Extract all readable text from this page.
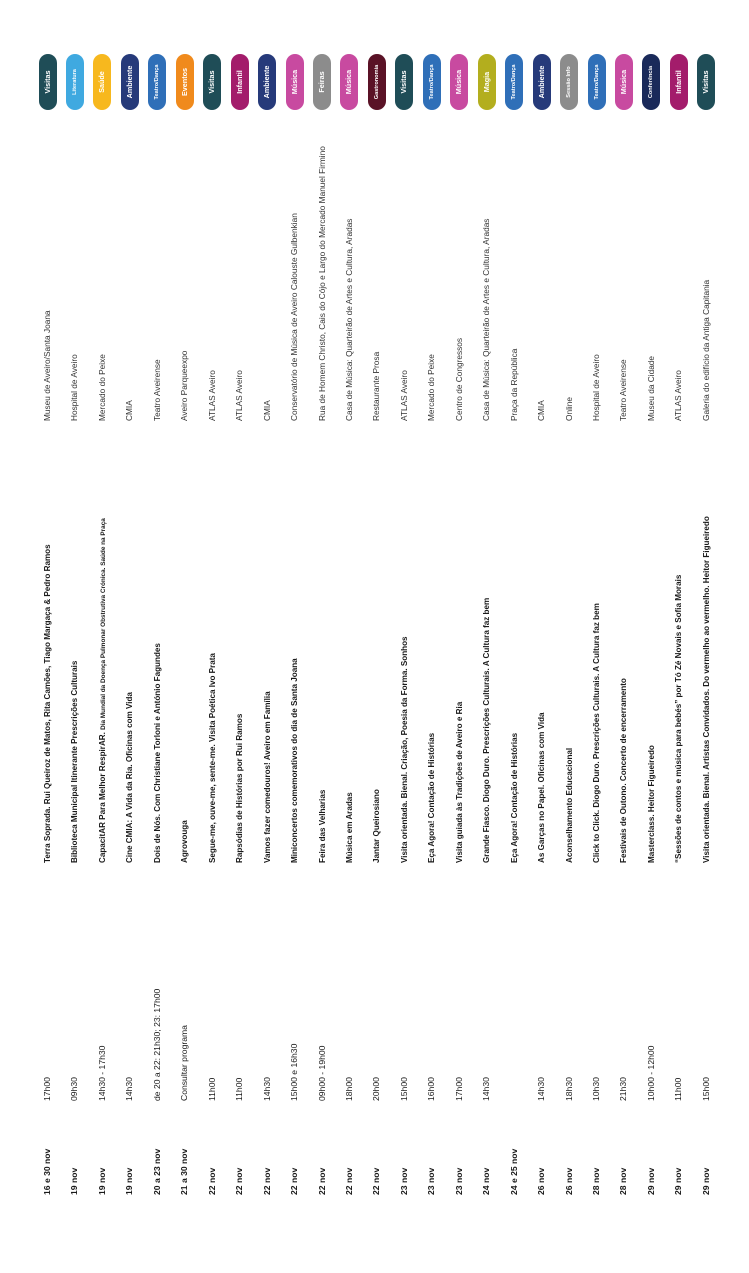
16 e 30 nov
17h00
Terra Soprada. Rui Queiroz de Matos, Rita Camões, Tiago Margaça & Pedro Ramos
Museu de Aveiro/Santa Joana
Visitas
19 nov
09h30
Biblioteca Municipal Itinerante Prescrições Culturais
Hospital de Aveiro
Literatura
19 nov
14h30 - 17h30
CapacitAR Para Melhor RespirAR. Dia Mundial da Doença Pulmonar Obstrutiva Crónica. Saúde na Praça
Mercado do Peixe
Saúde
19 nov
14h30
Cine CMIA: A Vida da Ria. Oficinas com Vida
CMIA
Ambiente
20 a 23 nov
de 20 a 22: 21h30; 23: 17h00
Dois de Nós. Com Christiane Torloni e António Fagundes
Teatro Aveirense
Teatro/Dança
21 a 30 nov
Consultar programa
Agrovouga
Aveiro Parqueexpo
Eventos
22 nov
11h00
Segue-me, ouve-me, sente-me. Visita Poética Ivo Prata
ATLAS Aveiro
Visitas
22 nov
11h00
Rapsódias de Histórias por Rui Ramos
ATLAS Aveiro
Infantil
22 nov
14h30
Vamos fazer comedouros! Aveiro em Família
CMIA
Ambiente
22 nov
15h00 e 16h30
Miniconcertos comemorativos do dia de Santa Joana
Conservatório de Música de Aveiro Calouste Gulbenkian
Música
22 nov
09h00 - 19h00
Feira das Velharias
Rua de Homem Christo, Cais do Cójo e Largo do Mercado Manuel Firmino
Feiras
22 nov
18h00
Música em Aradas
Casa de Música: Quarteirão de Artes e Cultura, Aradas
Música
22 nov
20h00
Jantar Queirosiano
Restaurante Prosa
Gastronomia
23 nov
15h00
Visita orientada. Bienal. Criação, Poesia da Forma. Sonhos
ATLAS Aveiro
Visitas
23 nov
16h00
Eça Agora! Contação de Histórias
Mercado do Peixe
Teatro/Dança
23 nov
17h00
Visita guiada às Tradições de Aveiro e Ria
Centro de Congressos
Música
24 nov
14h30
Grande Fiasco. Diogo Duro. Prescrições Culturais. A Cultura faz bem
Casa de Música: Quarteirão de Artes e Cultura, Aradas
Magia
24 e 25 nov
Eça Agora! Contação de Histórias
Praça da República
Teatro/Dança
26 nov
14h30
As Garças no Papel. Oficinas com Vida
CMIA
Ambiente
26 nov
18h30
Aconselhamento Educacional
Online
Sessão Info
28 nov
10h30
Click to Click. Diogo Duro. Prescrições Culturais. A Cultura faz bem
Hospital de Aveiro
Teatro/Dança
28 nov
21h30
Festivais de Outono. Concerto de encerramento
Teatro Aveirense
Música
29 nov
10h00 - 12h00
Masterclass. Heitor Figueiredo
Museu da Cidade
Conferência
29 nov
11h00
“Sessões de contos e música para bebés” por Tó Zé Novais e Sofia Morais
ATLAS Aveiro
Infantil
29 nov
15h00
Visita orientada. Bienal. Artistas Convidados. Do vermelho ao vermelho. Heitor Figueiredo
Galeria do edifício da Antiga Capitania
Visitas
